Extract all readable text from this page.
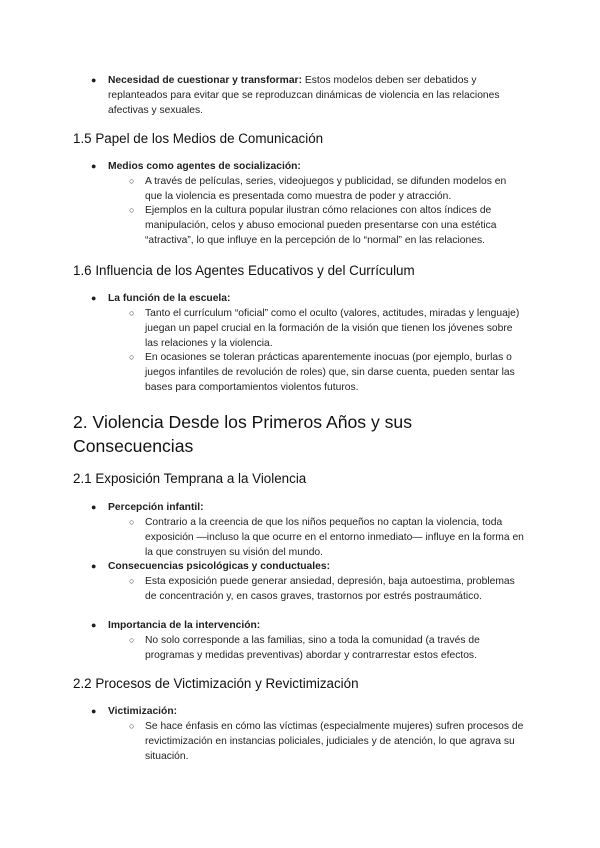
● Necesidad de cuestionar y transformar: Estos modelos deben ser debatidos y replanteados para evitar que se reproduzcan dinámicas de violencia en las relaciones afectivas y sexuales.
1.5 Papel de los Medios de Comunicación
● Medios como agentes de socialización:
○ A través de películas, series, videojuegos y publicidad, se difunden modelos en que la violencia es presentada como muestra de poder y atracción.
○ Ejemplos en la cultura popular ilustran cómo relaciones con altos índices de manipulación, celos y abuso emocional pueden presentarse con una estética “atractiva”, lo que influye en la percepción de lo “normal” en las relaciones.
1.6 Influencia de los Agentes Educativos y del Currículum
● La función de la escuela:
○ Tanto el currículum “oficial” como el oculto (valores, actitudes, miradas y lenguaje) juegan un papel crucial en la formación de la visión que tienen los jóvenes sobre las relaciones y la violencia.
○ En ocasiones se toleran prácticas aparentemente inocuas (por ejemplo, burlas o juegos infantiles de revolución de roles) que, sin darse cuenta, pueden sentar las bases para comportamientos violentos futuros.
2. Violencia Desde los Primeros Años y sus Consecuencias
2.1 Exposición Temprana a la Violencia
● Percepción infantil:
○ Contrario a la creencia de que los niños pequeños no captan la violencia, toda exposición —incluso la que ocurre en el entorno inmediato— influye en la forma en la que construyen su visión del mundo.
● Consecuencias psicológicas y conductuales:
○ Esta exposición puede generar ansiedad, depresión, baja autoestima, problemas de concentración y, en casos graves, trastornos por estrés postraumático.
● Importancia de la intervención:
○ No solo corresponde a las familias, sino a toda la comunidad (a través de programas y medidas preventivas) abordar y contrarrestar estos efectos.
2.2 Procesos de Victimización y Revictimización
● Victimización:
○ Se hace énfasis en cómo las víctimas (especialmente mujeres) sufren procesos de revictimización en instancias policiales, judiciales y de atención, lo que agrava su situación.
